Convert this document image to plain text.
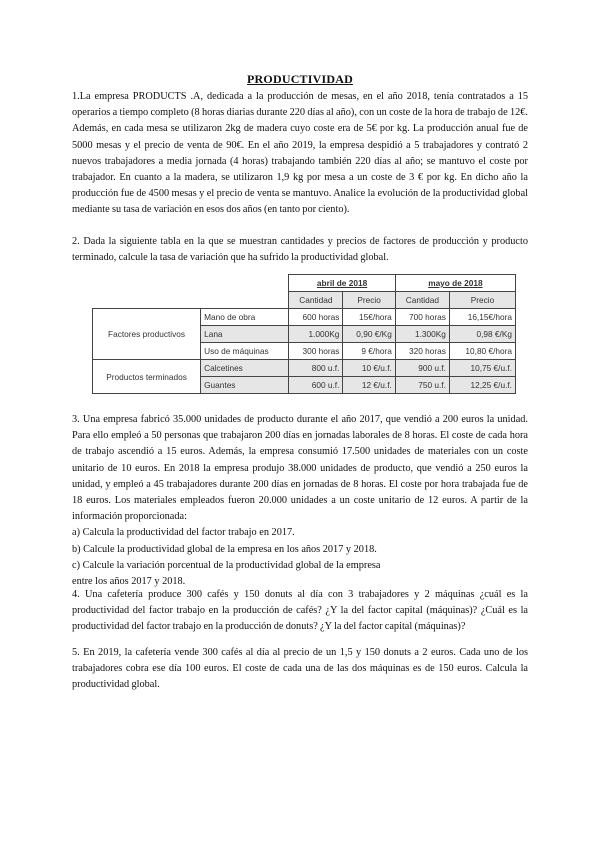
PRODUCTIVIDAD

1.La empresa PRODUCTS .A, dedicada a la producción de mesas, en el año 2018, tenía contratados a 15 operarios a tiempo completo (8 horas diarias durante 220 días al año), con un coste de la hora de trabajo de 12€. Además, en cada mesa se utilizaron 2kg de madera cuyo coste era de 5€ por kg. La producción anual fue de 5000 mesas y el precio de venta de 90€. En el año 2019, la empresa despidió a 5 trabajadores y contrató 2 nuevos trabajadores a media jornada (4 horas) trabajando también 220 días al año; se mantuvo el coste por trabajador. En cuanto a la madera, se utilizaron 1,9 kg por mesa a un coste de 3 € por kg. En dicho año la producción fue de 4500 mesas y el precio de venta se mantuvo. Analice la evolución de la productividad global mediante su tasa de variación en esos dos años (en tanto por ciento).

2. Dada la siguiente tabla en la que se muestran cantidades y precios de factores de producción y producto terminado, calcule la tasa de variación que ha sufrido la productividad global.

		abril de 2018		mayo de 2018	
		Cantidad	Precio	Cantidad	Precio
Factores productivos	Mano de obra	600 horas	15€/hora	700 horas	16,15€/hora
	Lana	1.000Kg	0,90 €/Kg	1.300Kg	0,98 €/Kg
	Uso de máquinas	300 horas	9 €/hora	320 horas	10,80 €/hora
Productos terminados	Calcetines	800 u.f.	10 €/u.f.	900 u.f.	10,75 €/u.f.
	Guantes	600 u.f.	12 €/u.f.	750 u.f.	12,25 €/u.f.

3. Una empresa fabricó 35.000 unidades de producto durante el año 2017, que vendió a 200 euros la unidad. Para ello empleó a 50 personas que trabajaron 200 días en jornadas laborales de 8 horas. El coste de cada hora de trabajo ascendió a 15 euros. Además, la empresa consumió 17.500 unidades de materiales con un coste unitario de 10 euros. En 2018 la empresa produjo 38.000 unidades de producto, que vendió a 250 euros la unidad, y empleó a 45 trabajadores durante 200 días en jornadas de 8 horas. El coste por hora trabajada fue de 18 euros. Los materiales empleados fueron 20.000 unidades a un coste unitario de 12 euros. A partir de la información proporcionada:

a) Calcula la productividad del factor trabajo en 2017.
b) Calcule la productividad global de la empresa en los años 2017 y 2018.
c) Calcule la variación porcentual de la productividad global de la empresa
entre los años 2017 y 2018.

4. Una cafetería produce 300 cafés y 150 donuts al día con 3 trabajadores y 2 máquinas ¿cuál es la productividad del factor trabajo en la producción de cafés? ¿Y la del factor capital (máquinas)? ¿Cuál es la productividad del factor trabajo en la producción de donuts? ¿Y la del factor capital (máquinas)?

5. En 2019, la cafetería vende 300 cafés al día al precio de un 1,5 y 150 donuts a 2 euros. Cada uno de los trabajadores cobra ese día 100 euros. El coste de cada una de las dos máquinas es de 150 euros. Calcula la productividad global.
